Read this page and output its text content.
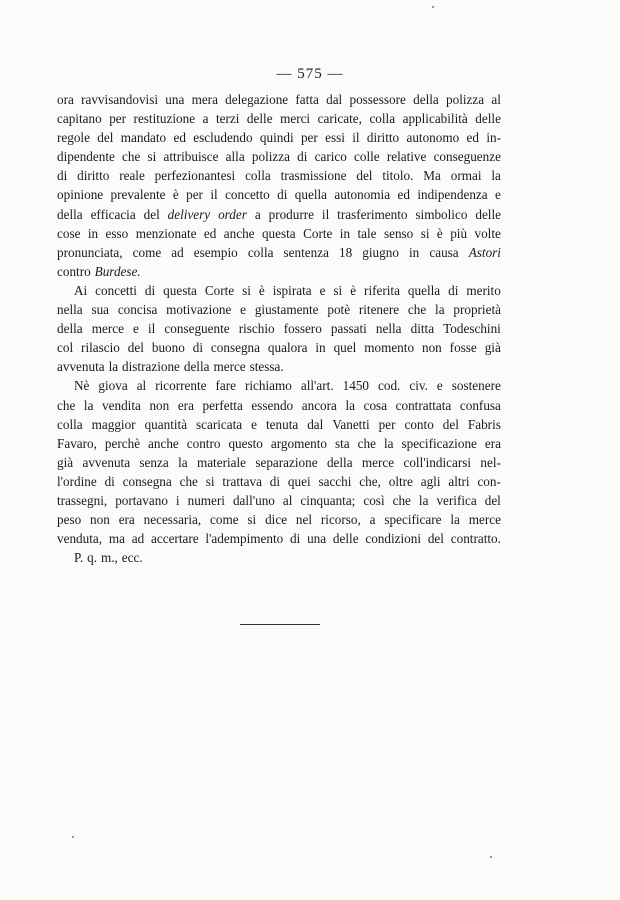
— 575 —
ora ravvisandovisi una mera delegazione fatta dal possessore della polizza al
capitano per restituzione a terzi delle merci caricate, colla applicabilità delle
regole del mandato ed escludendo quindi per essi il diritto autonomo ed in-
dipendente che si attribuisce alla polizza di carico colle relative conseguenze
di diritto reale perfezionantesi colla trasmissione del titolo. Ma ormai la
opinione prevalente è per il concetto di quella autonomia ed indipendenza e
della efficacia del delivery order a produrre il trasferimento simbolico delle
cose in esso menzionate ed anche questa Corte in tale senso si è più volte
pronunciata, come ad esempio colla sentenza 18 giugno in causa Astori
contro Burdese.
Ai concetti di questa Corte si è ispirata e si è riferita quella di merito
nella sua concisa motivazione e giustamente potè ritenere che la proprietà
della merce e il conseguente rischio fossero passati nella ditta Todeschini
col rilascio del buono di consegna qualora in quel momento non fosse già
avvenuta la distrazione della merce stessa.
Nè giova al ricorrente fare richiamo all'art. 1450 cod. civ. e sostenere
che la vendita non era perfetta essendo ancora la cosa contrattata confusa
colla maggior quantità scaricata e tenuta dal Vanetti per conto del Fabris
Favaro, perchè anche contro questo argomento sta che la specificazione era
già avvenuta senza la materiale separazione della merce coll'indicarsi nel-
l'ordine di consegna che si trattava di quei sacchi che, oltre agli altri con-
trassegni, portavano i numeri dall'uno al cinquanta; così che la verifica del
peso non era necessaria, come si dice nel ricorso, a specificare la merce
venduta, ma ad accertare l'adempimento di una delle condizioni del contratto.
P. q. m., ecc.
